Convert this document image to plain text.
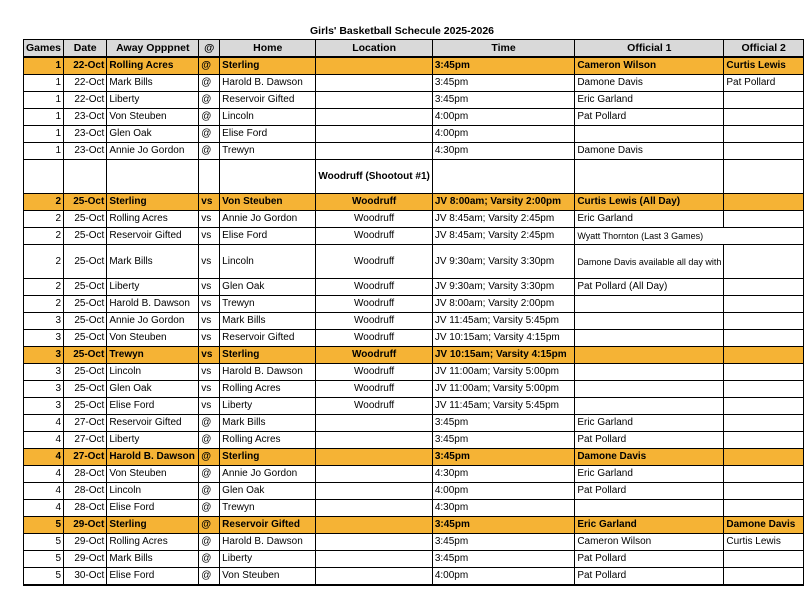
Girls' Basketball Schecule 2025-2026
Games	Date	Away Opppnet	@	Home	Location	Time	Official 1	Official 2
1	22-Oct	Rolling Acres	@	Sterling		3:45pm	Cameron Wilson	Curtis Lewis
1	22-Oct	Mark Bills	@	Harold B. Dawson		3:45pm	Damone Davis	Pat Pollard
1	22-Oct	Liberty	@	Reservoir Gifted		3:45pm	Eric Garland	
1	23-Oct	Von Steuben	@	Lincoln		4:00pm	Pat Pollard	
1	23-Oct	Glen Oak	@	Elise Ford		4:00pm		
1	23-Oct	Annie Jo Gordon	@	Trewyn		4:30pm	Damone Davis	
					Woodruff (Shootout #1)			
2	25-Oct	Sterling	vs	Von Steuben	Woodruff	JV 8:00am; Varsity 2:00pm	Curtis Lewis (All Day)	
2	25-Oct	Rolling Acres	vs	Annie Jo Gordon	Woodruff	JV 8:45am; Varsity 2:45pm	Eric Garland	
2	25-Oct	Reservoir Gifted	vs	Elise Ford	Woodruff	JV 8:45am; Varsity 2:45pm	Wyatt Thornton (Last 3 Games)	
2	25-Oct	Mark Bills	vs	Lincoln	Woodruff	JV 9:30am; Varsity 3:30pm	Damone Davis available all day with	
2	25-Oct	Liberty	vs	Glen Oak	Woodruff	JV 9:30am; Varsity 3:30pm	Pat Pollard (All Day)	
2	25-Oct	Harold B. Dawson	vs	Trewyn	Woodruff	JV 8:00am; Varsity 2:00pm		
3	25-Oct	Annie Jo Gordon	vs	Mark Bills	Woodruff	JV 11:45am; Varsity 5:45pm		
3	25-Oct	Von Steuben	vs	Reservoir Gifted	Woodruff	JV 10:15am; Varsity 4:15pm		
3	25-Oct	Trewyn	vs	Sterling	Woodruff	JV 10:15am; Varsity 4:15pm		
3	25-Oct	Lincoln	vs	Harold B. Dawson	Woodruff	JV 11:00am; Varsity 5:00pm		
3	25-Oct	Glen Oak	vs	Rolling Acres	Woodruff	JV 11:00am; Varsity 5:00pm		
3	25-Oct	Elise Ford	vs	Liberty	Woodruff	JV 11:45am; Varsity 5:45pm		
4	27-Oct	Reservoir Gifted	@	Mark Bills		3:45pm	Eric Garland	
4	27-Oct	Liberty	@	Rolling Acres		3:45pm	Pat Pollard	
4	27-Oct	Harold B. Dawson	@	Sterling		3:45pm	Damone Davis	
4	28-Oct	Von Steuben	@	Annie Jo Gordon		4:30pm	Eric Garland	
4	28-Oct	Lincoln	@	Glen Oak		4:00pm	Pat Pollard	
4	28-Oct	Elise Ford	@	Trewyn		4:30pm		
5	29-Oct	Sterling	@	Reservoir Gifted		3:45pm	Eric Garland	Damone Davis
5	29-Oct	Rolling Acres	@	Harold B. Dawson		3:45pm	Cameron Wilson	Curtis Lewis
5	29-Oct	Mark Bills	@	Liberty		3:45pm	Pat Pollard	
5	30-Oct	Elise Ford	@	Von Steuben		4:00pm	Pat Pollard	
